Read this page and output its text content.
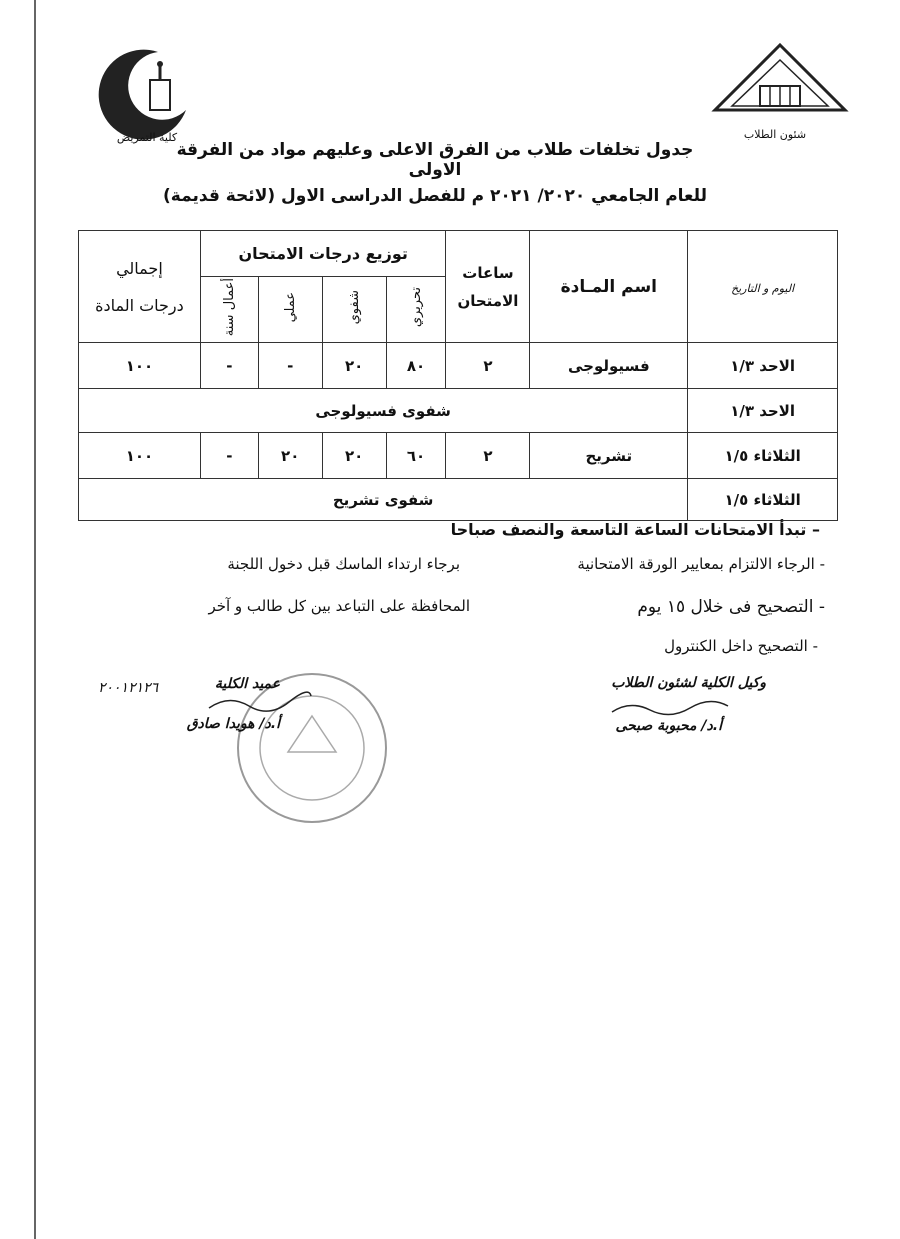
كلية التمريض	شئون الطلاب
جدول تخلفات طلاب من الفرق الاعلى وعليهم مواد من الفرقة الاولى
للعام الجامعي ٢٠٢٠/ ٢٠٢١ م للفصل الدراسى الاول (لائحة قديمة)
اليوم و التاريخ	اسم المـادة	ساعات الامتحان	توزيع درجات الامتحان				إجمالي
درجات المادة

			تحريري	شفوي	عملي	أعمال سنة	
الاحد ١/٣	فسيولوجى	٢	٨٠	٢٠	-	-	١٠٠
الاحد ١/٣	شفوى فسيولوجى						
الثلاثاء ١/٥	تشريح	٢	٦٠	٢٠	٢٠	-	١٠٠
الثلاثاء ١/٥	شفوى تشريح						
– تبدأ الامتحانات الساعة التاسعة والنصف صباحا
- الرجاء الالتزام بمعايير الورقة الامتحانية
برجاء ارتداء الماسك قبل دخول اللجنة
- التصحيح فى خلال ١٥ يوم
المحافظة على التباعد بين كل طالب و آخر
- التصحيح داخل الكنترول
وكيل الكلية لشئون الطلاب
أ.د/ محبوبة صبحى
عميد الكلية
أ.د/ هويدا صادق
٢٠٠١٢١٢٦
